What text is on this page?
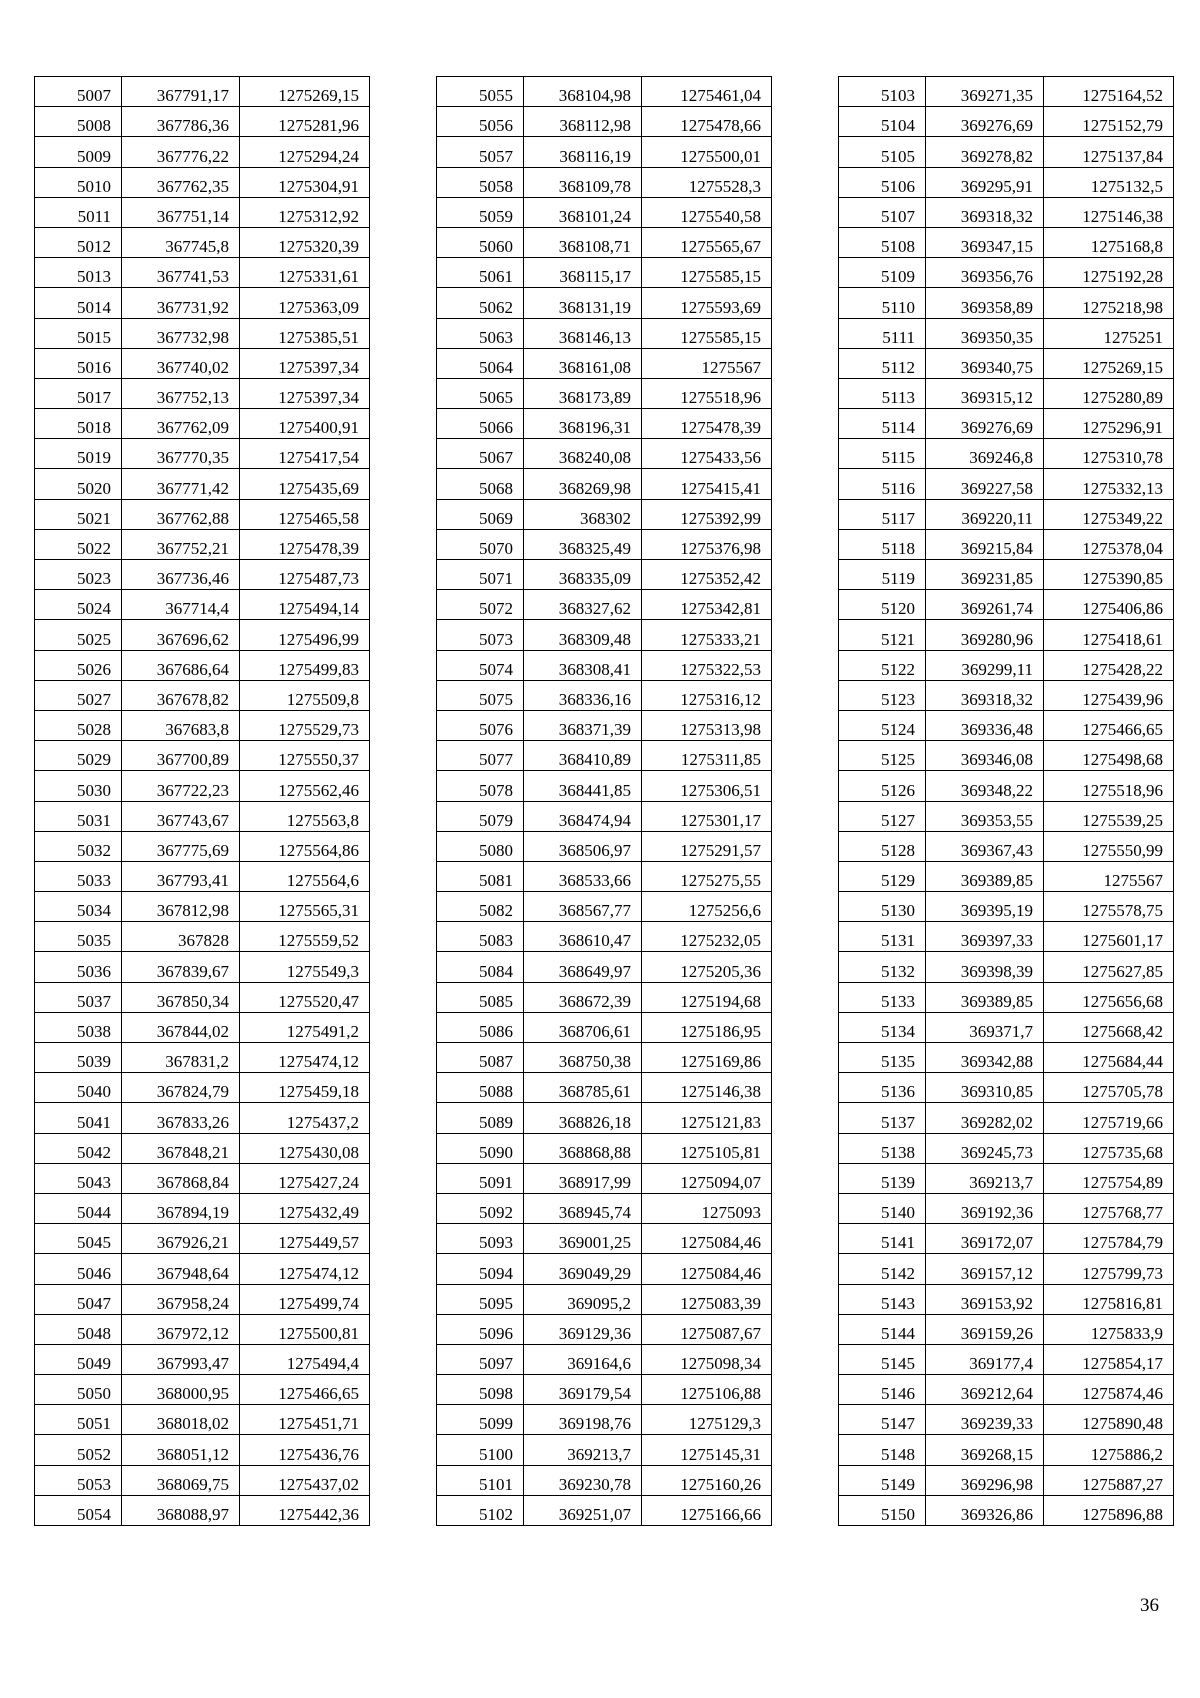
5007	367791,17	1275269,15
5008	367786,36	1275281,96
5009	367776,22	1275294,24
5010	367762,35	1275304,91
5011	367751,14	1275312,92
5012	367745,8	1275320,39
5013	367741,53	1275331,61
5014	367731,92	1275363,09
5015	367732,98	1275385,51
5016	367740,02	1275397,34
5017	367752,13	1275397,34
5018	367762,09	1275400,91
5019	367770,35	1275417,54
5020	367771,42	1275435,69
5021	367762,88	1275465,58
5022	367752,21	1275478,39
5023	367736,46	1275487,73
5024	367714,4	1275494,14
5025	367696,62	1275496,99
5026	367686,64	1275499,83
5027	367678,82	1275509,8
5028	367683,8	1275529,73
5029	367700,89	1275550,37
5030	367722,23	1275562,46
5031	367743,67	1275563,8
5032	367775,69	1275564,86
5033	367793,41	1275564,6
5034	367812,98	1275565,31
5035	367828	1275559,52
5036	367839,67	1275549,3
5037	367850,34	1275520,47
5038	367844,02	1275491,2
5039	367831,2	1275474,12
5040	367824,79	1275459,18
5041	367833,26	1275437,2
5042	367848,21	1275430,08
5043	367868,84	1275427,24
5044	367894,19	1275432,49
5045	367926,21	1275449,57
5046	367948,64	1275474,12
5047	367958,24	1275499,74
5048	367972,12	1275500,81
5049	367993,47	1275494,4
5050	368000,95	1275466,65
5051	368018,02	1275451,71
5052	368051,12	1275436,76
5053	368069,75	1275437,02
5054	368088,97	1275442,36
5055	368104,98	1275461,04
5056	368112,98	1275478,66
5057	368116,19	1275500,01
5058	368109,78	1275528,3
5059	368101,24	1275540,58
5060	368108,71	1275565,67
5061	368115,17	1275585,15
5062	368131,19	1275593,69
5063	368146,13	1275585,15
5064	368161,08	1275567
5065	368173,89	1275518,96
5066	368196,31	1275478,39
5067	368240,08	1275433,56
5068	368269,98	1275415,41
5069	368302	1275392,99
5070	368325,49	1275376,98
5071	368335,09	1275352,42
5072	368327,62	1275342,81
5073	368309,48	1275333,21
5074	368308,41	1275322,53
5075	368336,16	1275316,12
5076	368371,39	1275313,98
5077	368410,89	1275311,85
5078	368441,85	1275306,51
5079	368474,94	1275301,17
5080	368506,97	1275291,57
5081	368533,66	1275275,55
5082	368567,77	1275256,6
5083	368610,47	1275232,05
5084	368649,97	1275205,36
5085	368672,39	1275194,68
5086	368706,61	1275186,95
5087	368750,38	1275169,86
5088	368785,61	1275146,38
5089	368826,18	1275121,83
5090	368868,88	1275105,81
5091	368917,99	1275094,07
5092	368945,74	1275093
5093	369001,25	1275084,46
5094	369049,29	1275084,46
5095	369095,2	1275083,39
5096	369129,36	1275087,67
5097	369164,6	1275098,34
5098	369179,54	1275106,88
5099	369198,76	1275129,3
5100	369213,7	1275145,31
5101	369230,78	1275160,26
5102	369251,07	1275166,66
5103	369271,35	1275164,52
5104	369276,69	1275152,79
5105	369278,82	1275137,84
5106	369295,91	1275132,5
5107	369318,32	1275146,38
5108	369347,15	1275168,8
5109	369356,76	1275192,28
5110	369358,89	1275218,98
5111	369350,35	1275251
5112	369340,75	1275269,15
5113	369315,12	1275280,89
5114	369276,69	1275296,91
5115	369246,8	1275310,78
5116	369227,58	1275332,13
5117	369220,11	1275349,22
5118	369215,84	1275378,04
5119	369231,85	1275390,85
5120	369261,74	1275406,86
5121	369280,96	1275418,61
5122	369299,11	1275428,22
5123	369318,32	1275439,96
5124	369336,48	1275466,65
5125	369346,08	1275498,68
5126	369348,22	1275518,96
5127	369353,55	1275539,25
5128	369367,43	1275550,99
5129	369389,85	1275567
5130	369395,19	1275578,75
5131	369397,33	1275601,17
5132	369398,39	1275627,85
5133	369389,85	1275656,68
5134	369371,7	1275668,42
5135	369342,88	1275684,44
5136	369310,85	1275705,78
5137	369282,02	1275719,66
5138	369245,73	1275735,68
5139	369213,7	1275754,89
5140	369192,36	1275768,77
5141	369172,07	1275784,79
5142	369157,12	1275799,73
5143	369153,92	1275816,81
5144	369159,26	1275833,9
5145	369177,4	1275854,17
5146	369212,64	1275874,46
5147	369239,33	1275890,48
5148	369268,15	1275886,2
5149	369296,98	1275887,27
5150	369326,86	1275896,88
36
